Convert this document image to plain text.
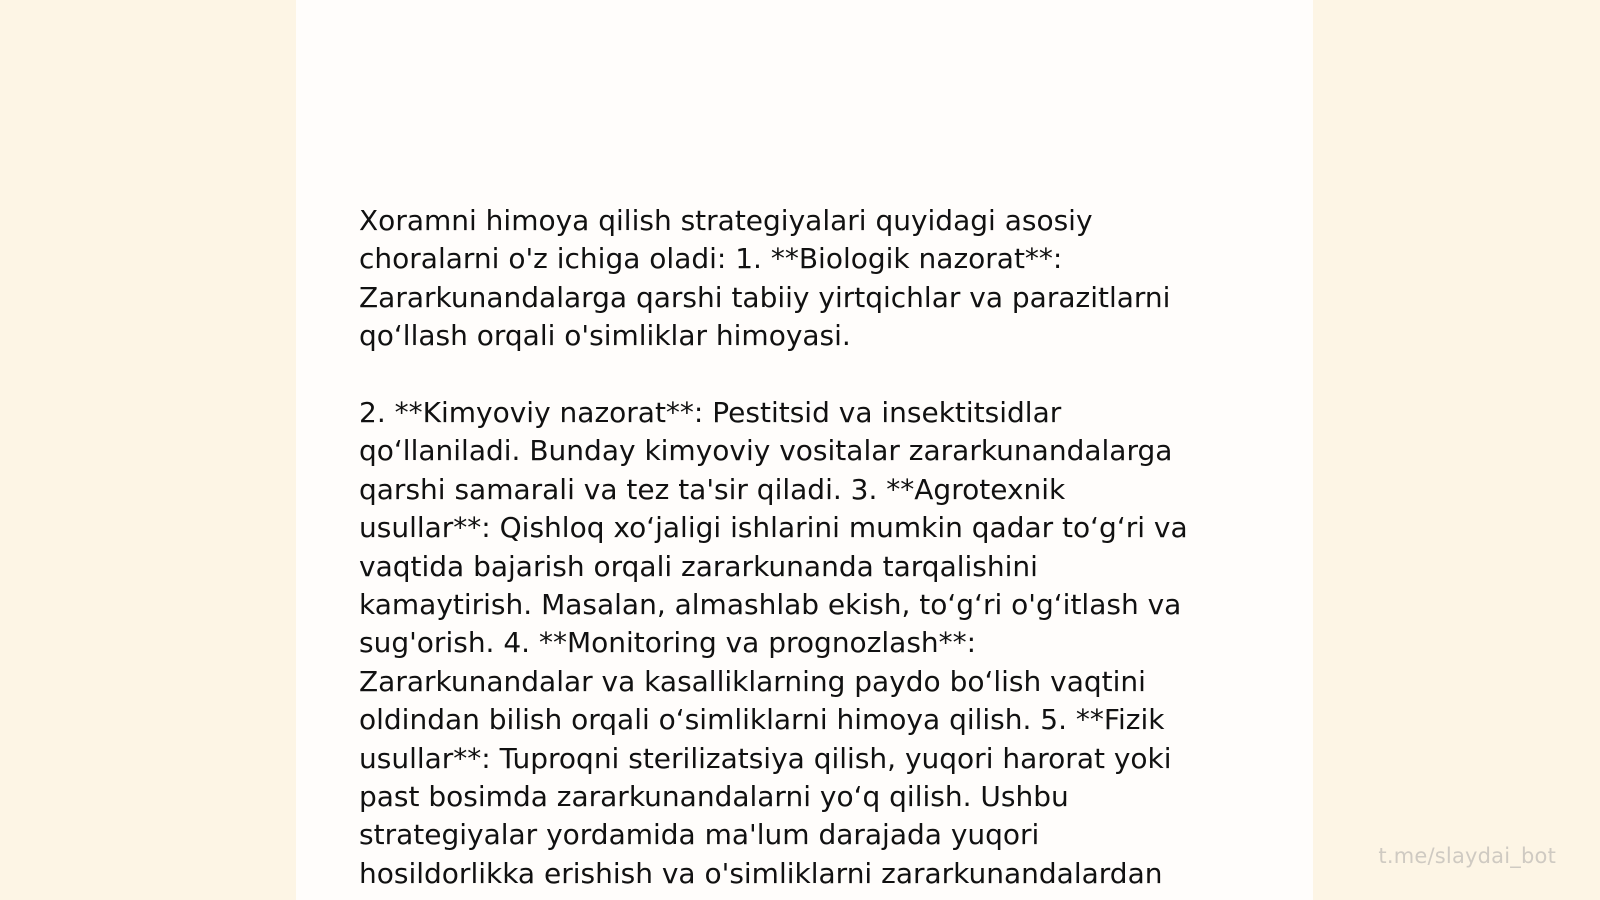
Xoramni himoya qilish strategiyalari quyidagi asosiy
choralarni o'z ichiga oladi: 1. **Biologik nazorat**:
Zararkunandalarga qarshi tabiiy yirtqichlar va parazitlarni
qo‘llash orqali o'simliklar himoyasi.

2. **Kimyoviy nazorat**: Pestitsid va insektitsidlar
qo‘llaniladi. Bunday kimyoviy vositalar zararkunandalarga
qarshi samarali va tez ta'sir qiladi. 3. **Agrotexnik
usullar**: Qishloq xo‘jaligi ishlarini mumkin qadar to‘g‘ri va
vaqtida bajarish orqali zararkunanda tarqalishini
kamaytirish. Masalan, almashlab ekish, to‘g‘ri o'g‘itlash va
sug'orish. 4. **Monitoring va prognozlash**:
Zararkunandalar va kasalliklarning paydo bo‘lish vaqtini
oldindan bilish orqali o‘simliklarni himoya qilish. 5. **Fizik
usullar**: Tuproqni sterilizatsiya qilish, yuqori harorat yoki
past bosimda zararkunandalarni yo‘q qilish. Ushbu
strategiyalar yordamida ma'lum darajada yuqori
hosildorlikka erishish va o'simliklarni zararkunandalardan

t.me/slaydai_bot
